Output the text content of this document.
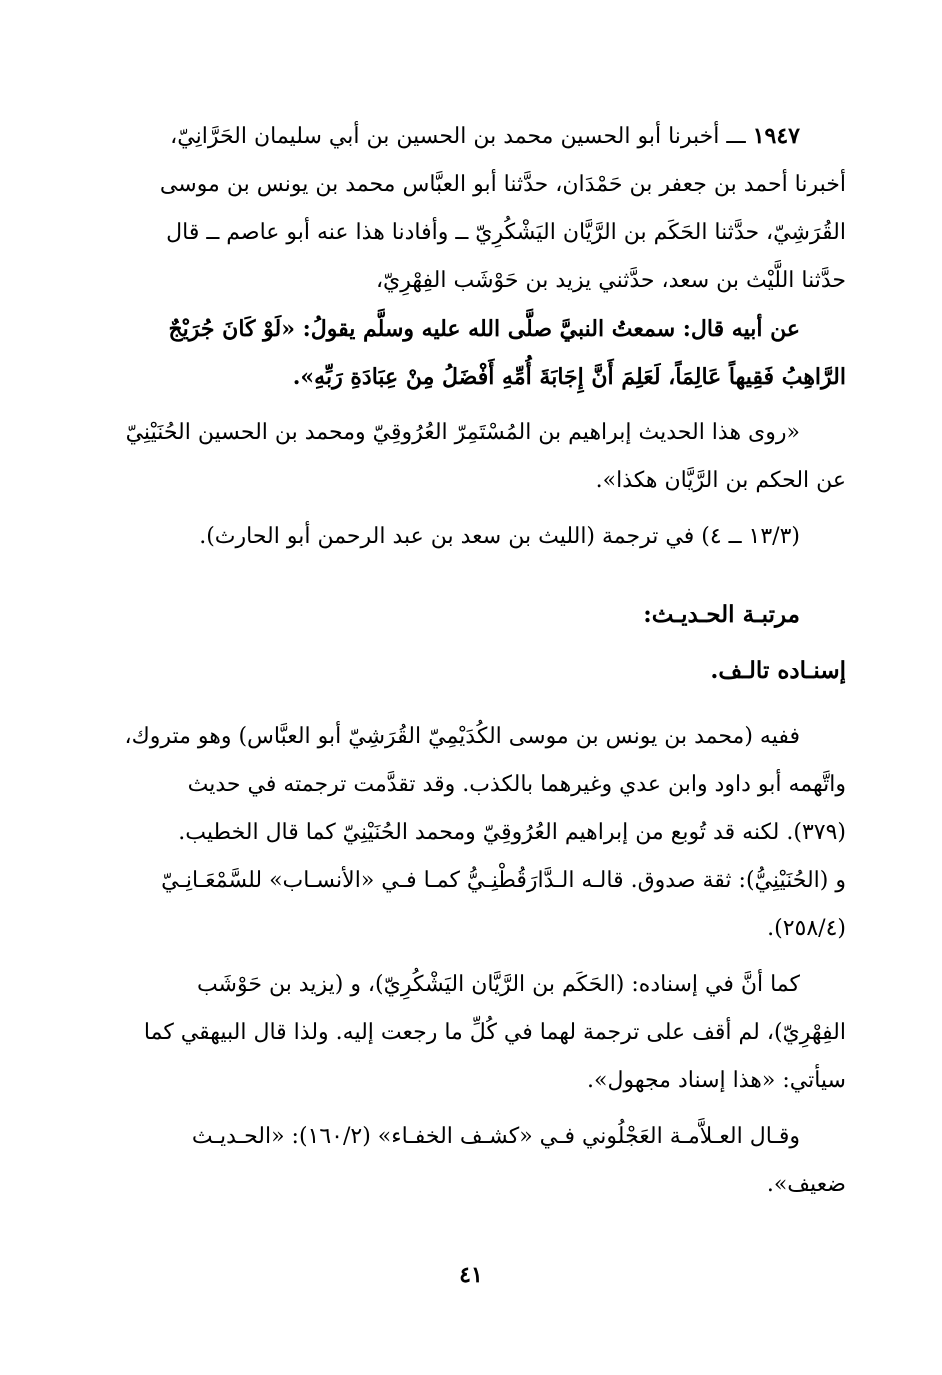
١٩٤٧ ـــ أخبرنا أبو الحسين محمد بن الحسين بن أبي سليمان الحَرَّانِيّ،
أخبرنا أحمد بن جعفر بن حَمْدَان، حدَّثنا أبو العبَّاس محمد بن يونس بن موسى
القُرَشِيّ، حدَّثنا الحَكَم بن الرَّيَّان اليَشْكُرِيّ ــ وأفادنا هذا عنه أبو عاصم ــ قال
حدَّثنا اللَّيْث بن سعد، حدَّثني يزيد بن حَوْشَب الفِهْرِيّ،
عن أبيه قال: سمعتُ النبيَّ صلَّى الله عليه وسلَّم يقولُ: «لَوْ كَانَ جُرَيْجٌ
الرَّاهِبُ فَقِيهاً عَالِمَاً، لَعَلِمَ أَنَّ إِجَابَةَ أُمِّهِ أَفْضَلُ مِنْ عِبَادَةِ رَبِّهِ».
«روى هذا الحديث إبراهيم بن المُسْتَمِرّ العُرُوقِيّ ومحمد بن الحسين الحُنَيْنِيّ
عن الحكم بن الرَّيَّان هكذا».
(١٣/٣ ــ ٤) في ترجمة (الليث بن سعد بن عبد الرحمن أبو الحارث).
مرتبـة الحـديـث:
إسنـاده تالـف.
ففيه (محمد بن يونس بن موسى الكُدَيْمِيّ القُرَشِيّ أبو العبَّاس) وهو متروك،
واتَّهمه أبو داود وابن عدي وغيرهما بالكذب. وقد تقدَّمت ترجمته في حديث
(٣٧٩). لكنه قد تُوبع من إبراهيم العُرُوقِيّ ومحمد الحُنَيْنِيّ كما قال الخطيب.
و (الحُنَيْنِيُّ): ثقة صدوق. قالـه الـدَّارَقُطْنِـيُّ كمـا فـي «الأنسـاب» للسَّمْعَـانِـيّ
(٢٥٨/٤).
كما أنَّ في إسناده: (الحَكَم بن الرَّيَّان اليَشْكُرِيّ)، و (يزيد بن حَوْشَب
الفِهْرِيّ)، لم أقف على ترجمة لهما في كُلِّ ما رجعت إليه. ولذا قال البيهقي كما
سيأتي: «هذا إسناد مجهول».
وقـال العـلاَّمـة العَجْلُوني فـي «كشـف الخفـاء» (١٦٠/٢): «الحـديـث
ضعيف».
٤١
